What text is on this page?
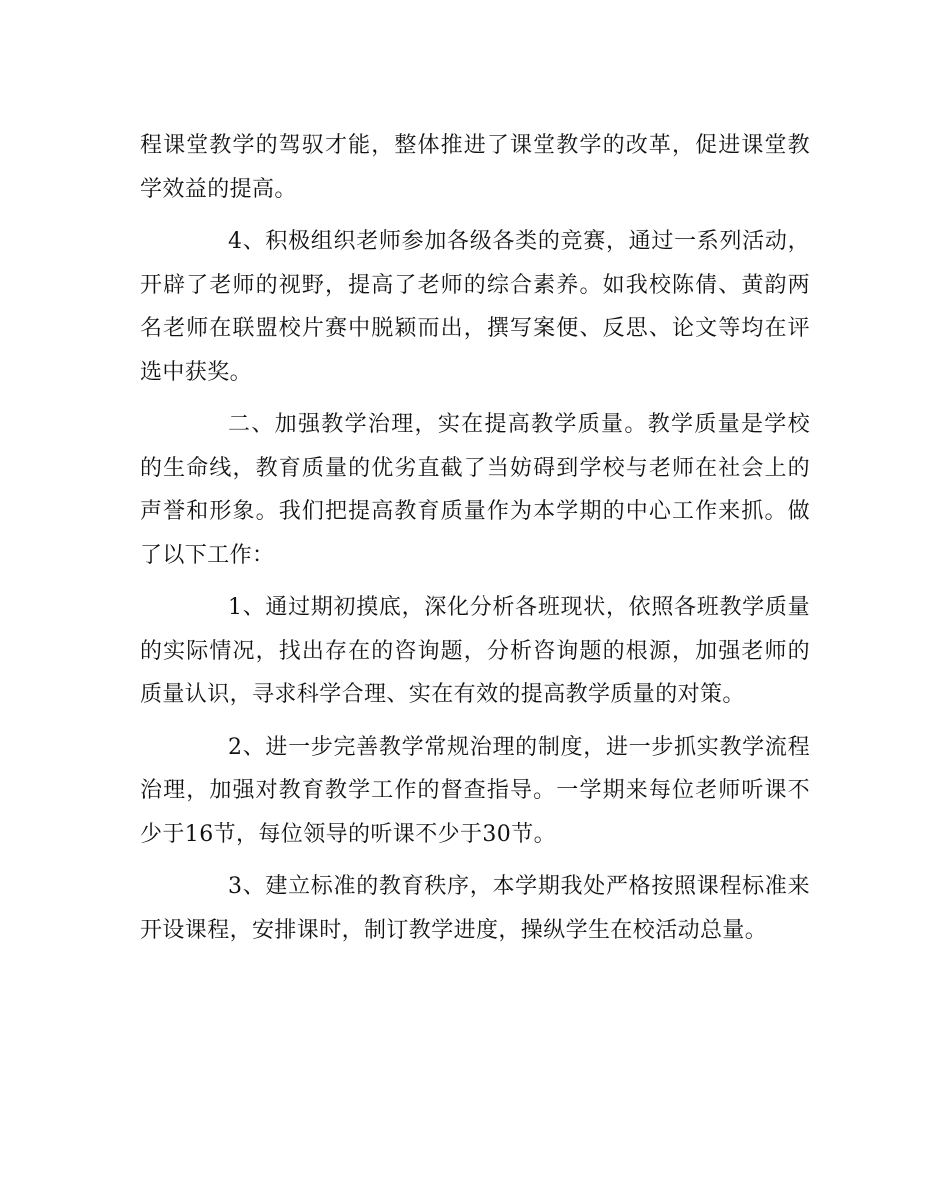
程课堂教学的驾驭才能，整体推进了课堂教学的改革，促进课堂教学效益的提高。

4、积极组织老师参加各级各类的竞赛，通过一系列活动，开辟了老师的视野，提高了老师的综合素养。如我校陈倩、黄韵两名老师在联盟校片赛中脱颖而出，撰写案便、反思、论文等均在评选中获奖。

二、加强教学治理，实在提高教学质量。教学质量是学校的生命线，教育质量的优劣直截了当妨碍到学校与老师在社会上的声誉和形象。我们把提高教育质量作为本学期的中心工作来抓。做了以下工作：

1、通过期初摸底，深化分析各班现状，依照各班教学质量的实际情况，找出存在的咨询题，分析咨询题的根源，加强老师的质量认识，寻求科学合理、实在有效的提高教学质量的对策。

2、进一步完善教学常规治理的制度，进一步抓实教学流程治理，加强对教育教学工作的督查指导。一学期来每位老师听课不少于16节，每位领导的听课不少于30节。

3、建立标准的教育秩序，本学期我处严格按照课程标准来开设课程，安排课时，制订教学进度，操纵学生在校活动总量。
